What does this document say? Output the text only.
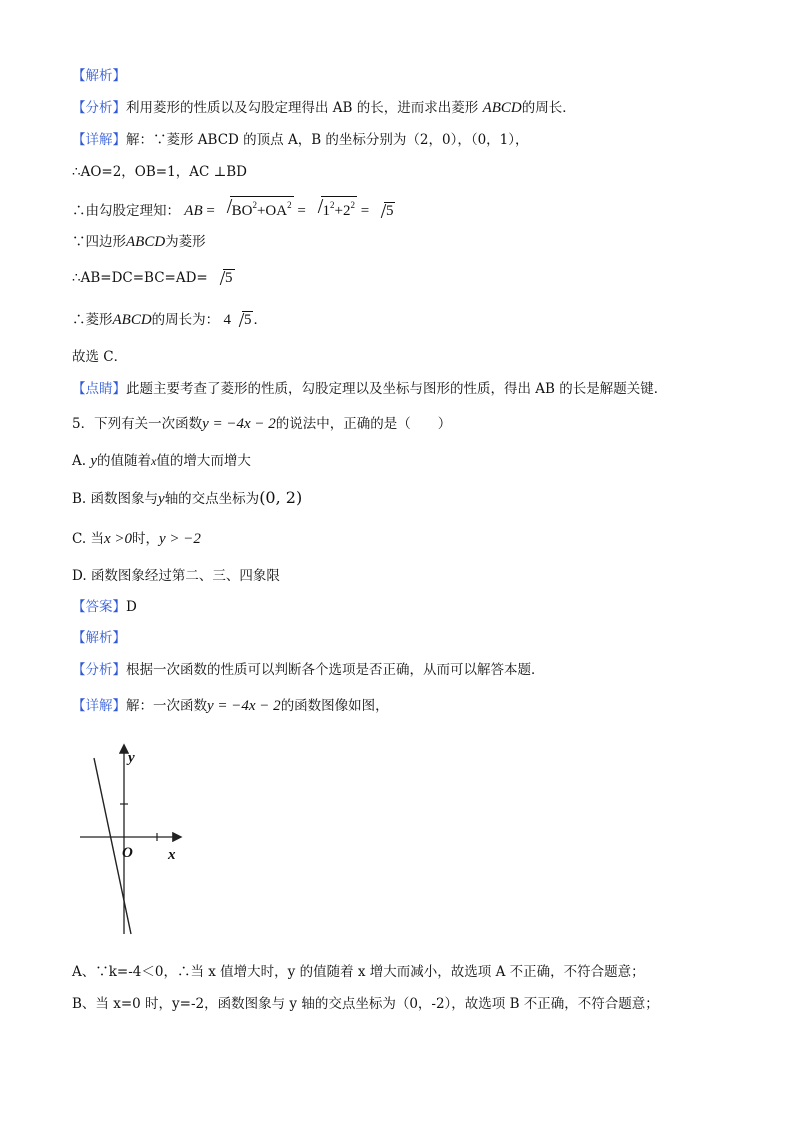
【解析】
【分析】利用菱形的性质以及勾股定理得出 AB 的长，进而求出菱形 ABCD的周长．
【详解】解：∵菱形 ABCD 的顶点 A，B 的坐标分别为（2，0），（0，1），
∴AO=2，OB=1，AC ⊥BD
∴由勾股定理知： AB = $BO^2+OA^2 = 1^2+2^2 = 5$
∵四边形ABCD为菱形
∴AB=DC=BC=AD= 5
∴菱形ABCD的周长为： 4 5 ．
故选 C．
【点睛】此题主要考查了菱形的性质，勾股定理以及坐标与图形的性质，得出 AB 的长是解题关键．
5．下列有关一次函数y = −4x − 2的说法中，正确的是（　　）
A. y的值随着x值的增大而增大
B. 函数图象与y轴的交点坐标为(0, 2)
C. 当x >0时，y > −2
D. 函数图象经过第二、三、四象限
【答案】D
【解析】
【分析】根据一次函数的性质可以判断各个选项是否正确，从而可以解答本题．
【详解】解：一次函数y = −4x − 2的函数图像如图，
y
x
O
A、∵k=-4＜0，∴当 x 值增大时，y 的值随着 x 增大而减小，故选项 A 不正确，不符合题意；
B、当 x=0 时，y=-2，函数图象与 y 轴的交点坐标为（0，-2），故选项 B 不正确，不符合题意；
